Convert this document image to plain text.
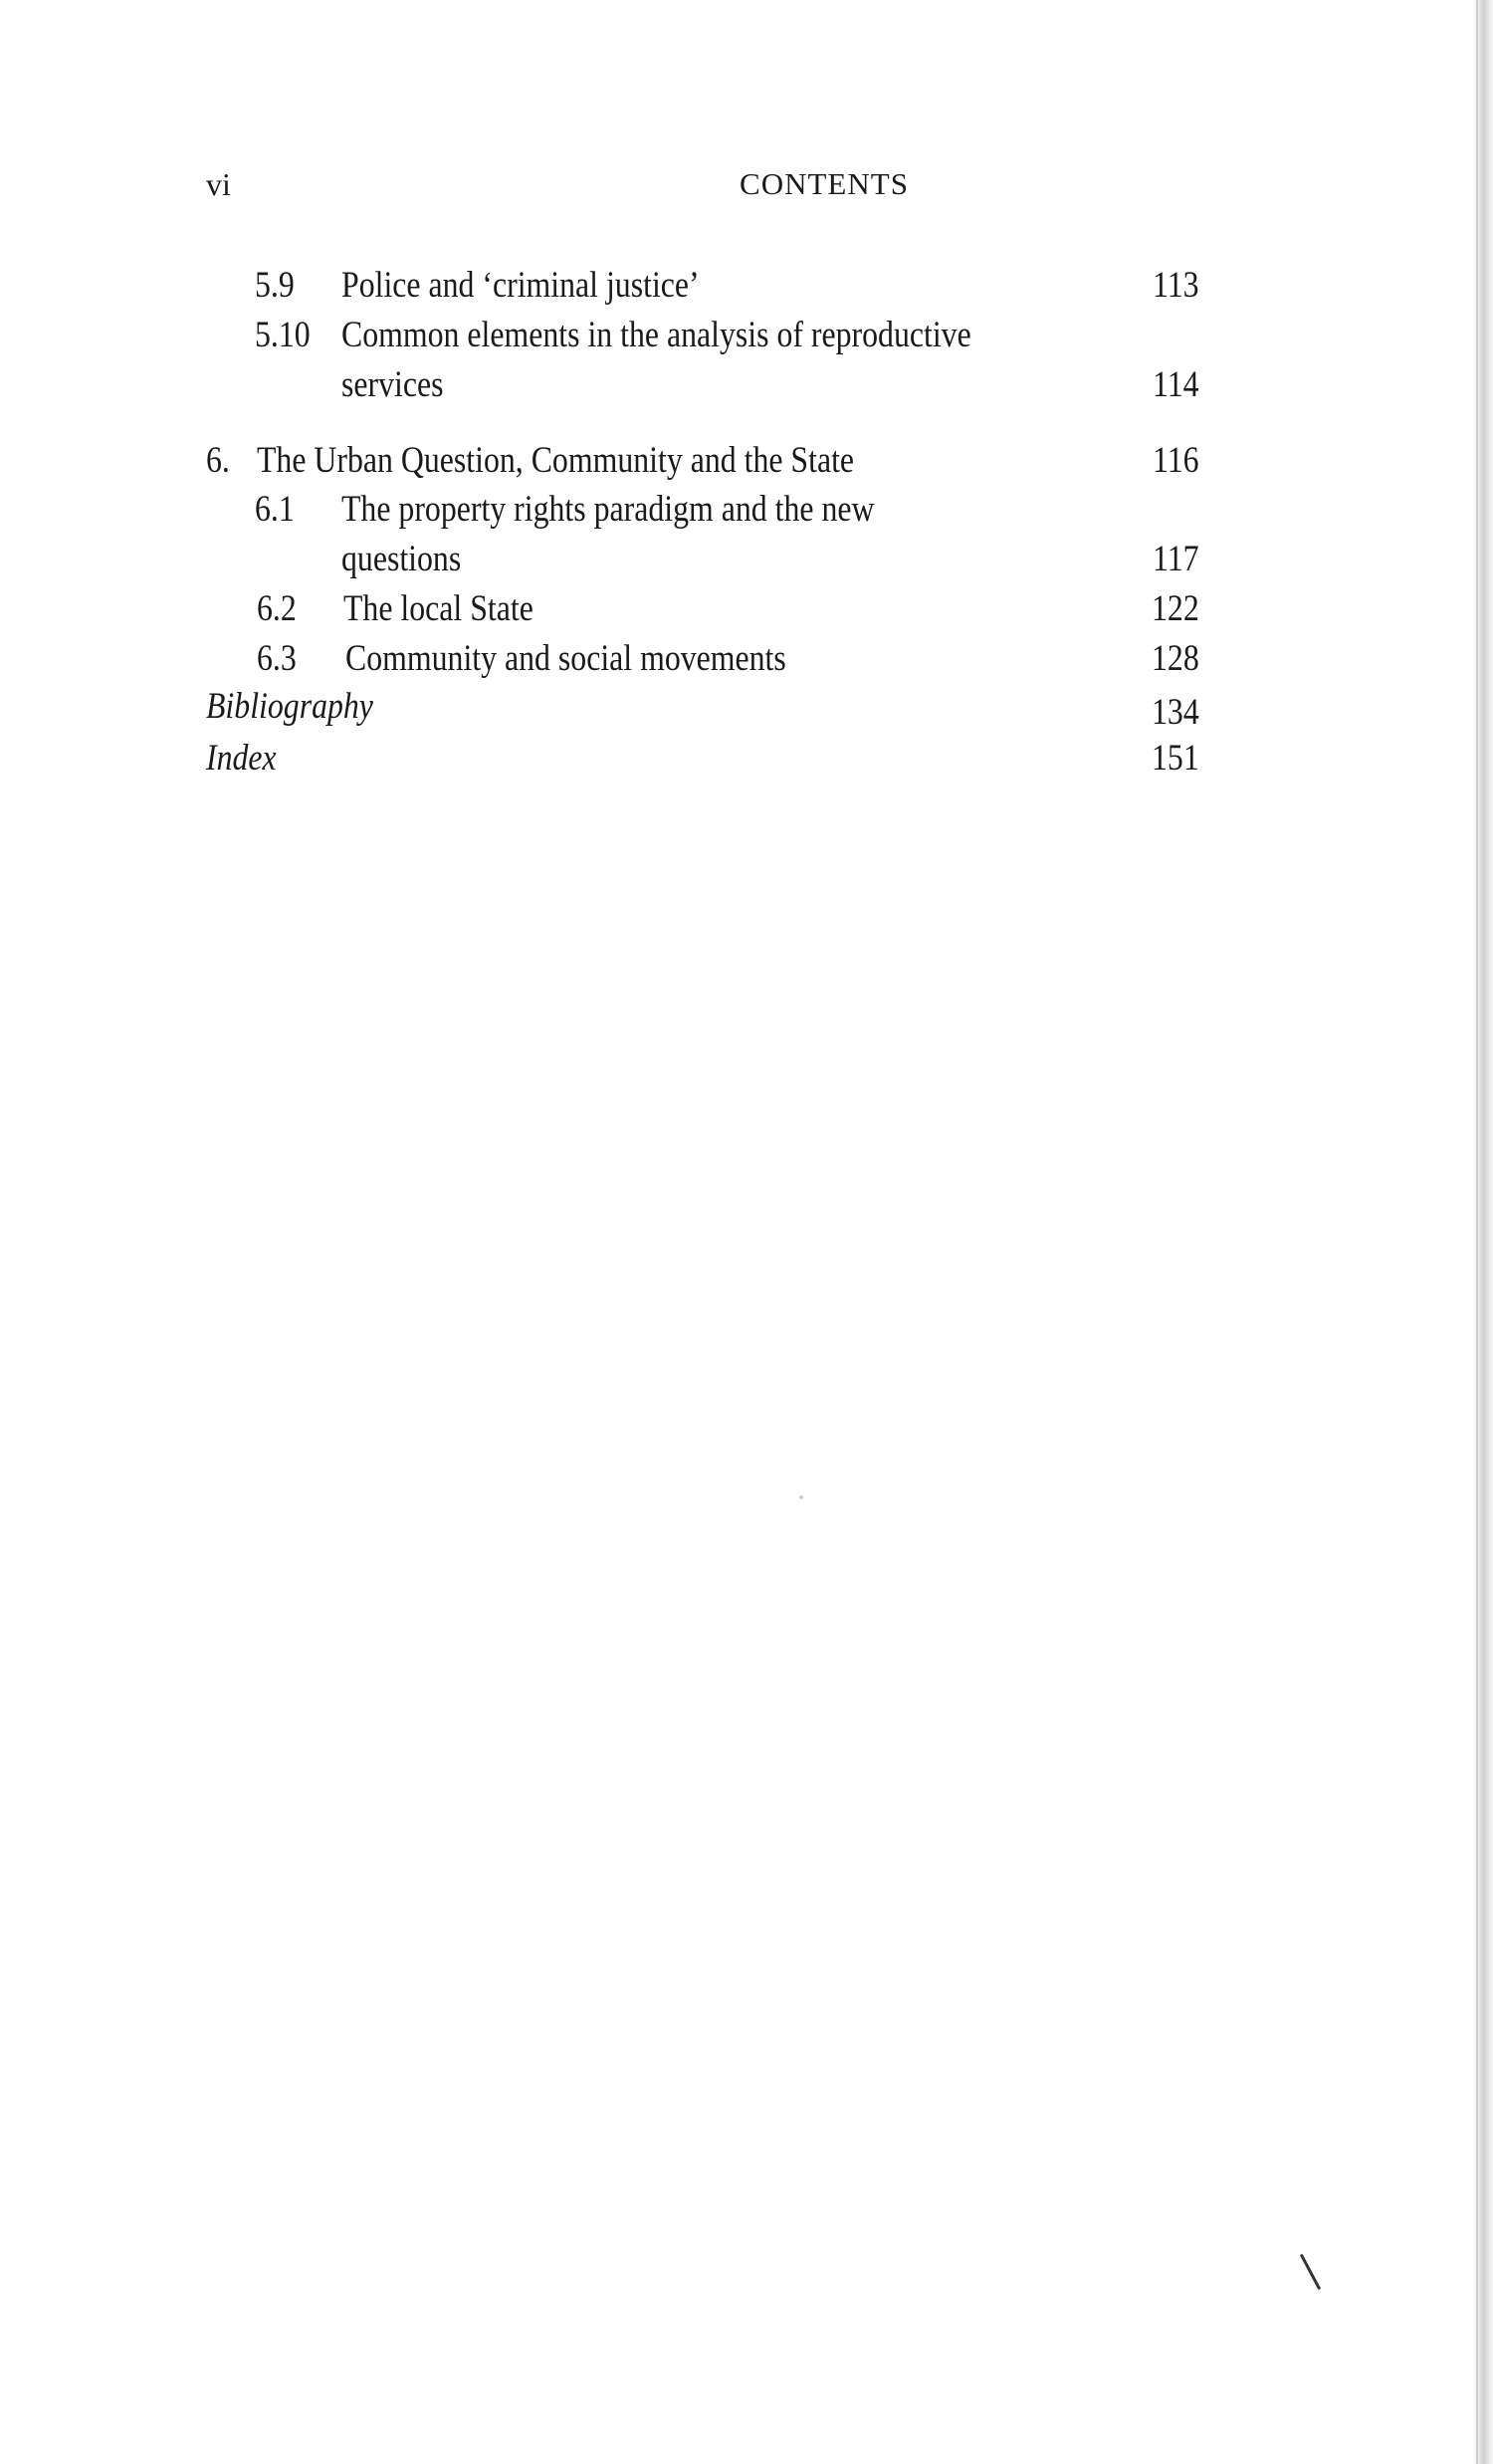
vi	CONTENTS
5.9 Police and ‘criminal justice’	113
5.10 Common elements in the analysis of reproductive
services	114
6. The Urban Question, Community and the State	116
6.1 The property rights paradigm and the new
questions	117
6.2 The local State	122
6.3 Community and social movements	128
Bibliography	134
Index	151
